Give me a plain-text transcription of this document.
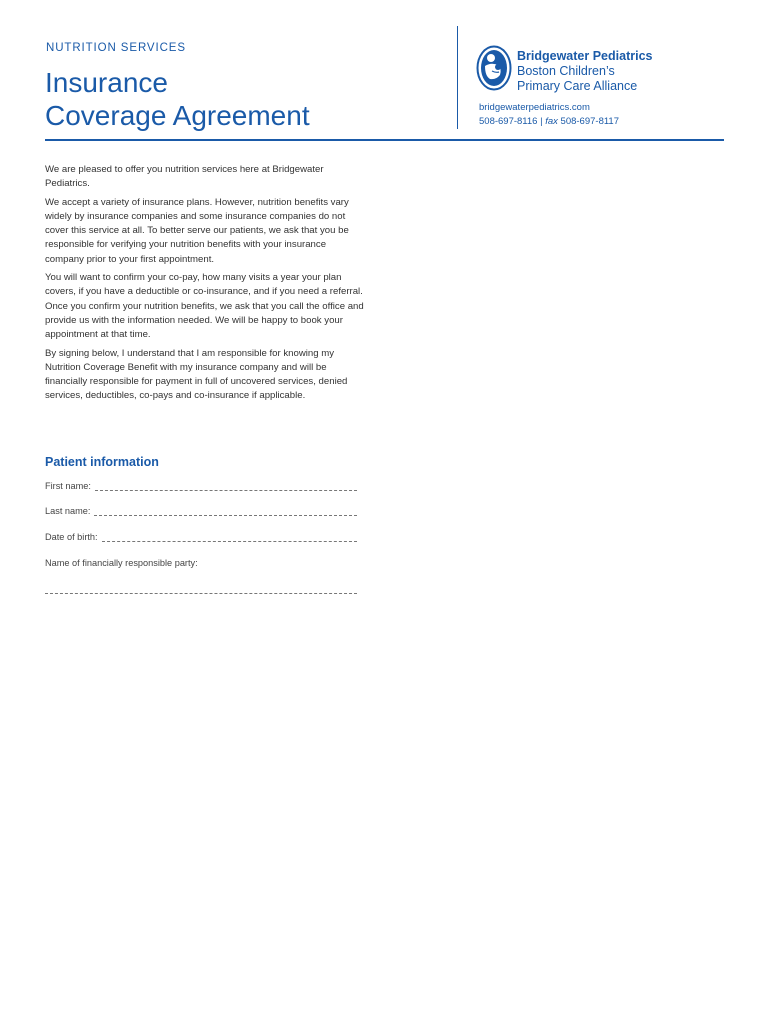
NUTRITION SERVICES
Insurance
Coverage Agreement
Bridgewater Pediatrics
Boston Children’s
Primary Care Alliance
bridgewaterpediatrics.com
508-697-8116 | fax 508-697-8117

We are pleased to offer you nutrition services here at Bridgewater Pediatrics.

We accept a variety of insurance plans. However, nutrition benefits vary widely by insurance companies and some insurance companies do not cover this service at all. To better serve our patients, we ask that you be responsible for verifying your nutrition benefits with your insurance company prior to your first appointment.

You will want to confirm your co-pay, how many visits a year your plan covers, if you have a deductible or co-insurance, and if you need a referral. Once you confirm your nutrition benefits, we ask that you call the office and provide us with the information needed. We will be happy to book your appointment at that time.

By signing below, I understand that I am responsible for knowing my Nutrition Coverage Benefit with my insurance company and will be financially responsible for payment in full of uncovered services, denied services, deductibles, co-pays and co-insurance if applicable.

Patient information
First name:
Last name:
Date of birth:
Name of financially responsible party:
